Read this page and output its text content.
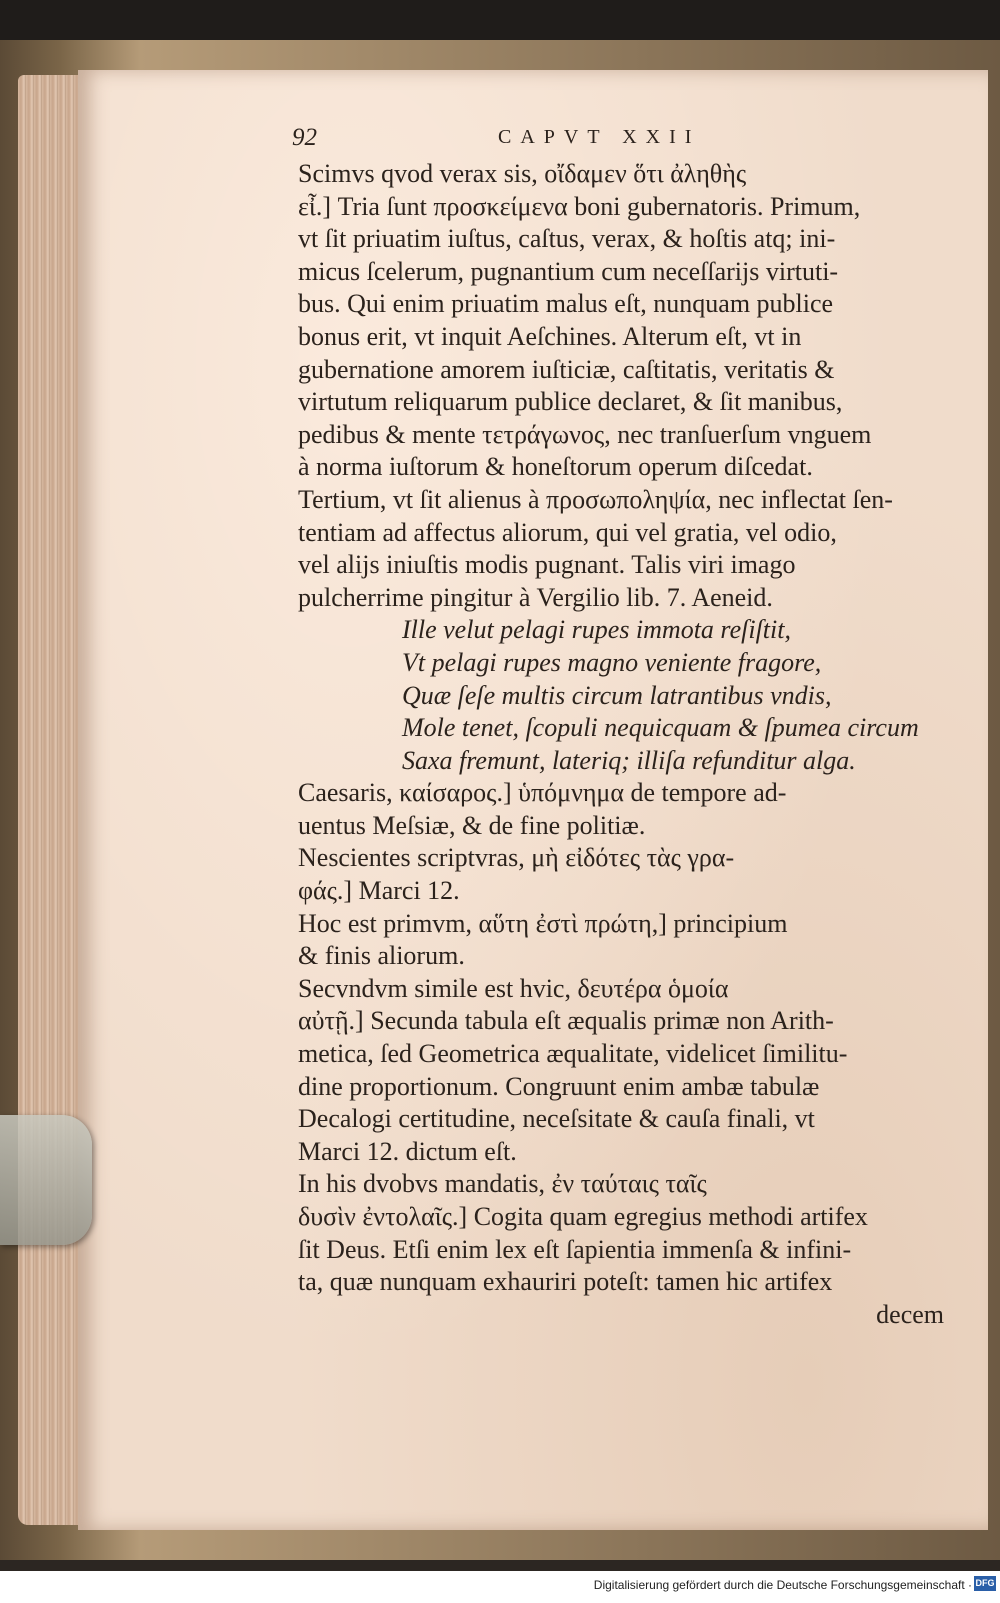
92	CAPVT XXII
Scimvs qvod verax sis, οἴδαμεν ὅτι ἀληθὴς
εἶ.] Tria ſunt προσκείμενα boni gubernatoris. Primum,
vt ſit priuatim iuſtus, caſtus, verax, & hoſtis atq; ini-
micus ſcelerum, pugnantium cum neceſſarijs virtuti-
bus. Qui enim priuatim malus eſt, nunquam publice
bonus erit, vt inquit Aeſchines. Alterum eſt, vt in
gubernatione amorem iuſticiæ, caſtitatis, veritatis &
virtutum reliquarum publice declaret, & ſit manibus,
pedibus & mente τετράγωνος, nec tranſuerſum vnguem
à norma iuſtorum & honeſtorum operum diſcedat.
Tertium, vt ſit alienus à προσωποληψία, nec inflectat ſen-
tentiam ad affectus aliorum, qui vel gratia, vel odio,
vel alijs iniuſtis modis pugnant. Talis viri imago
pulcherrime pingitur à Vergilio lib. 7. Aeneid.
Ille velut pelagi rupes immota reſiſtit,
Vt pelagi rupes magno veniente fragore,
Quæ ſeſe multis circum latrantibus vndis,
Mole tenet, ſcopuli nequicquam & ſpumea circum
Saxa fremunt, lateriq; illiſa refunditur alga.
Caesaris, καίσαρος.] ὑπόμνημα de tempore ad-
uentus Meſsiæ, & de fine politiæ.
Nescientes scriptvras, μὴ εἰδότες τὰς γρα-
φάς.] Marci 12.
Hoc est primvm, αὕτη ἐστὶ πρώτη,] principium
& finis aliorum.
Secvndvm simile est hvic, δευτέρα ὁμοία
αὐτῇ.] Secunda tabula eſt æqualis primæ non Arith-
metica, ſed Geometrica æqualitate, videlicet ſimilitu-
dine proportionum. Congruunt enim ambæ tabulæ
Decalogi certitudine, neceſsitate & cauſa finali, vt
Marci 12. dictum eſt.
In his dvobvs mandatis, ἐν ταύταις ταῖς
δυσὶν ἐντολαῖς.] Cogita quam egregius methodi artifex
ſit Deus. Etſi enim lex eſt ſapientia immenſa & infini-
ta, quæ nunquam exhauriri poteſt: tamen hic artifex
decem
Digitalisierung gefördert durch die Deutsche Forschungsgemeinschaft · DFG
